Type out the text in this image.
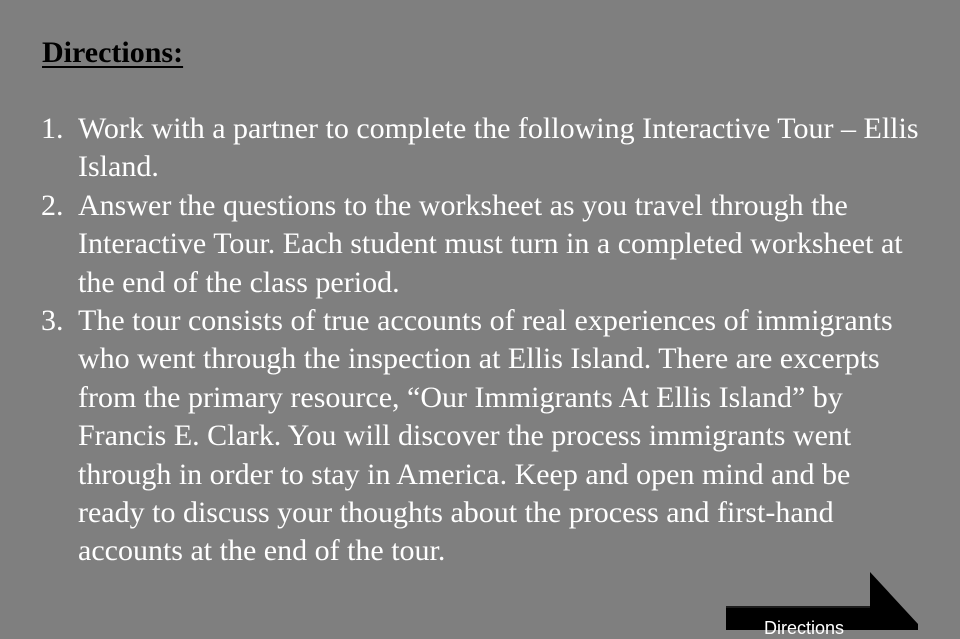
Directions:
1. Work with a partner to complete the following Interactive Tour – Ellis Island.
2. Answer the questions to the worksheet as you travel through the Interactive Tour. Each student must turn in a completed worksheet at the end of the class period.
3. The tour consists of true accounts of real experiences of immigrants who went through the inspection at Ellis Island. There are excerpts from the primary resource, “Our Immigrants At Ellis Island” by Francis E. Clark. You will discover the process immigrants went through in order to stay in America. Keep and open mind and be ready to discuss your thoughts about the process and first-hand accounts at the end of the tour.
Directions
